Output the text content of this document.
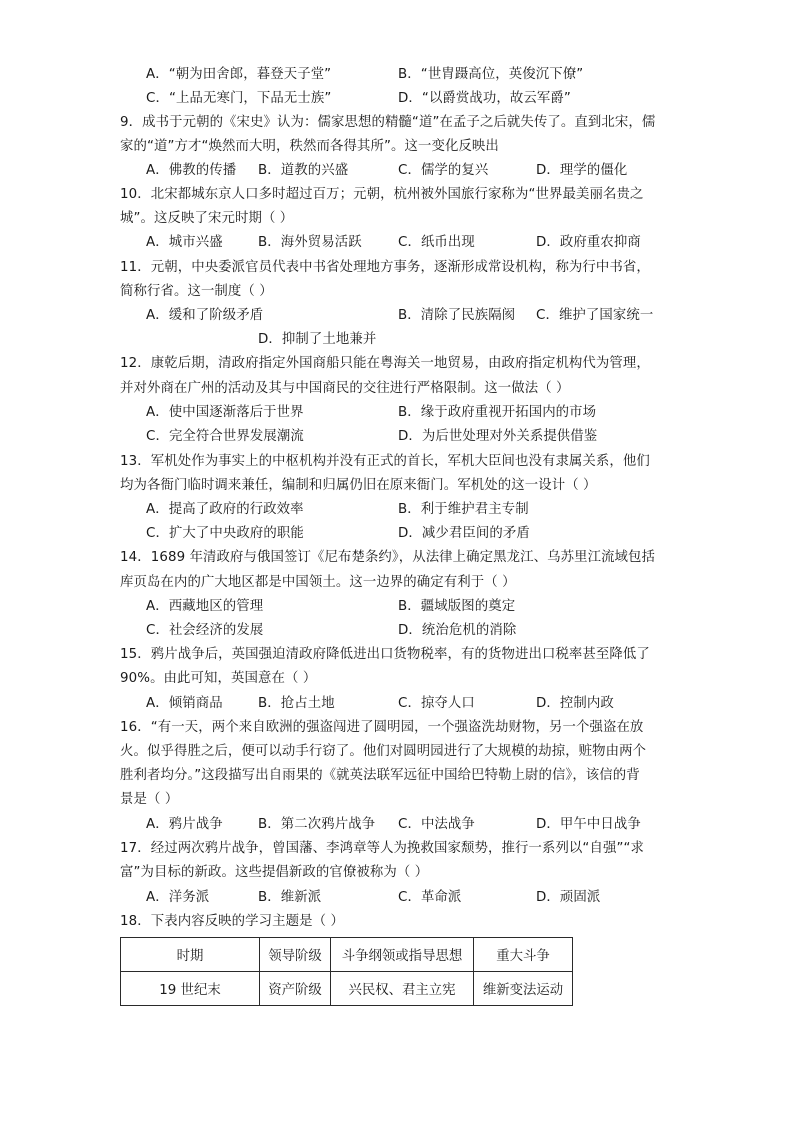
A．“朝为田舍郎，暮登天子堂”	B．“世胄蹑高位，英俊沉下僚”
C．“上品无寒门，下品无士族”	D．“以爵赏战功，故云军爵”
9．成书于元朝的《宋史》认为：儒家思想的精髓“道”在孟子之后就失传了。直到北宋，儒
家的“道”方才“焕然而大明，秩然而各得其所”。这一变化反映出
A．佛教的传播 B．道教的兴盛	C．儒学的复兴	D．理学的僵化
10．北宋都城东京人口多时超过百万；元朝，杭州被外国旅行家称为“世界最美丽名贵之
城”。这反映了宋元时期（ ）
A．城市兴盛	B．海外贸易活跃	C．纸币出现	D．政府重农抑商
11．元朝，中央委派官员代表中书省处理地方事务，逐渐形成常设机构，称为行中书省，
简称行省。这一制度（ ）
A．缓和了阶级矛盾	B．清除了民族隔阂 C．维护了国家统一
D．抑制了土地兼并
12．康乾后期，清政府指定外国商船只能在粤海关一地贸易，由政府指定机构代为管理，
并对外商在广州的活动及其与中国商民的交往进行严格限制。这一做法（ ）
A．使中国逐渐落后于世界	B．缘于政府重视开拓国内的市场
C．完全符合世界发展潮流	D．为后世处理对外关系提供借鉴
13．军机处作为事实上的中枢机构并没有正式的首长，军机大臣间也没有隶属关系，他们
均为各衙门临时调来兼任，编制和归属仍旧在原来衙门。军机处的这一设计（ ）
A．提高了政府的行政效率	B．利于维护君主专制
C．扩大了中央政府的职能	D．减少君臣间的矛盾
14．1689 年清政府与俄国签订《尼布楚条约》，从法律上确定黑龙江、乌苏里江流域包括
库页岛在内的广大地区都是中国领土。这一边界的确定有利于（ ）
A．西藏地区的管理	B．疆域版图的奠定
C．社会经济的发展	D．统治危机的消除
15．鸦片战争后，英国强迫清政府降低进出口货物税率，有的货物进出口税率甚至降低了
90%。由此可知，英国意在（ ）
A．倾销商品	B．抢占土地	C．掠夺人口	D．控制内政
16．“有一天，两个来自欧洲的强盗闯进了圆明园，一个强盗洗劫财物，另一个强盗在放
火。似乎得胜之后，便可以动手行窃了。他们对圆明园进行了大规模的劫掠，赃物由两个
胜利者均分。”这段描写出自雨果的《就英法联军远征中国给巴特勒上尉的信》，该信的背
景是（ ）
A．鸦片战争	B．第二次鸦片战争 C．中法战争	D．甲午中日战争
17．经过两次鸦片战争，曾国藩、李鸿章等人为挽救国家颓势，推行一系列以“自强”“求
富”为目标的新政。这些提倡新政的官僚被称为（ ）
A．洋务派	B．维新派	C．革命派	D．顽固派
18．下表内容反映的学习主题是（ ）
时期	领导阶级	斗争纲领或指导思想	重大斗争
19 世纪末	资产阶级	兴民权、君主立宪	维新变法运动
